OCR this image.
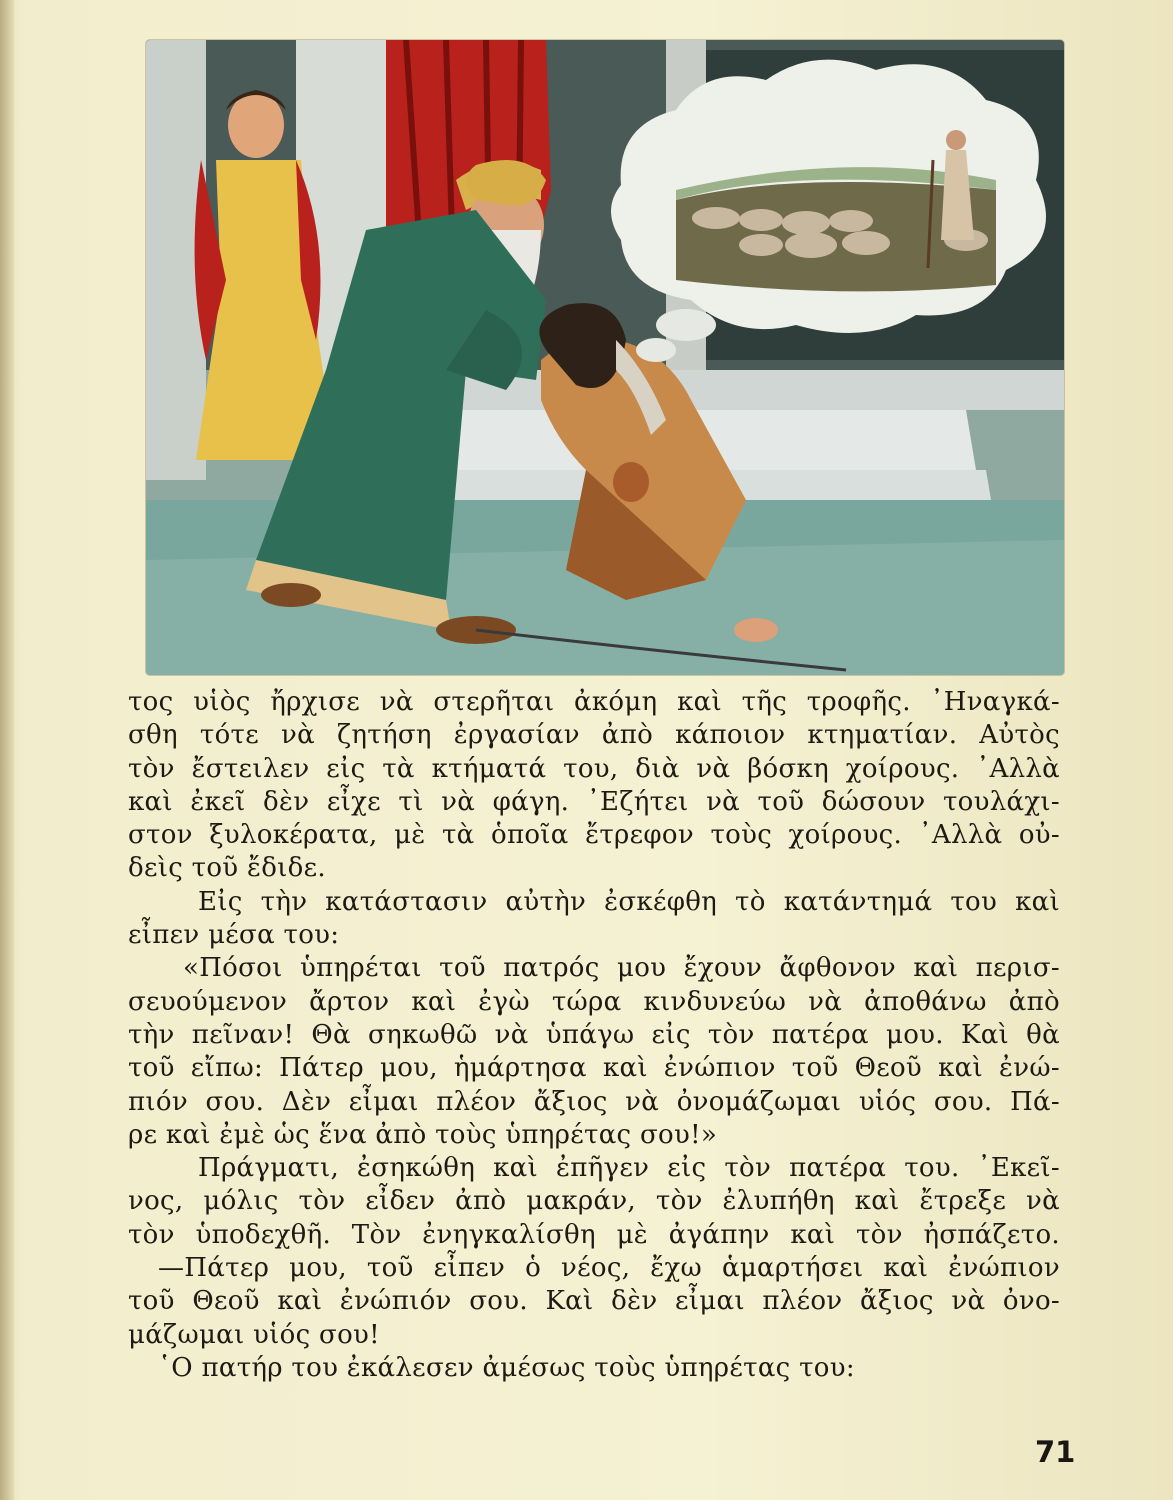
τος υἱὸς ἤρχισε νὰ στερῆται ἀκόμη καὶ τῆς τροφῆς. ᾿Ηναγκά-
σθη τότε νὰ ζητήση ἐργασίαν ἀπὸ κάποιον κτηματίαν. Αὐτὸς
τὸν ἔστειλεν εἰς τὰ κτήματά του, διὰ νὰ βόσκη χοίρους. ᾿Αλλὰ
καὶ ἐκεῖ δὲν εἶχε τὶ νὰ φάγη. ᾿Εζήτει νὰ τοῦ δώσουν τουλάχι-
στον ξυλοκέρατα, μὲ τὰ ὁποῖα ἔτρεφον τοὺς χοίρους. ᾿Αλλὰ οὐ-
δεὶς τοῦ ἔδιδε.
Εἰς τὴν κατάστασιν αὐτὴν ἐσκέφθη τὸ κατάντημά του καὶ
εἶπεν μέσα του:
«Πόσοι ὑπηρέται τοῦ πατρός μου ἔχουν ἄφθονον καὶ περισ-
σευούμενον ἄρτον καὶ ἐγὼ τώρα κινδυνεύω νὰ ἀποθάνω ἀπὸ
τὴν πεῖναν! Θὰ σηκωθῶ νὰ ὑπάγω εἰς τὸν πατέρα μου. Καὶ θὰ
τοῦ εἴπω: Πάτερ μου, ἡμάρτησα καὶ ἐνώπιον τοῦ Θεοῦ καὶ ἐνώ-
πιόν σου. Δὲν εἶμαι πλέον ἄξιος νὰ ὀνομάζωμαι υἱός σου. Πά-
ρε καὶ ἐμὲ ὡς ἕνα ἀπὸ τοὺς ὑπηρέτας σου!»
Πράγματι, ἐσηκώθη καὶ ἐπῆγεν εἰς τὸν πατέρα του. ᾿Εκεῖ-
νος, μόλις τὸν εἶδεν ἀπὸ μακράν, τὸν ἐλυπήθη καὶ ἔτρεξε νὰ
τὸν ὑποδεχθῆ. Τὸν ἐνηγκαλίσθη μὲ ἀγάπην καὶ τὸν ἠσπάζετο.
—Πάτερ μου, τοῦ εἶπεν ὁ νέος, ἔχω ἁμαρτήσει καὶ ἐνώπιον
τοῦ Θεοῦ καὶ ἐνώπιόν σου. Καὶ δὲν εἶμαι πλέον ἄξιος νὰ ὀνο-
μάζωμαι υἱός σου!
῾Ο πατήρ του ἐκάλεσεν ἀμέσως τοὺς ὑπηρέτας του:
71
